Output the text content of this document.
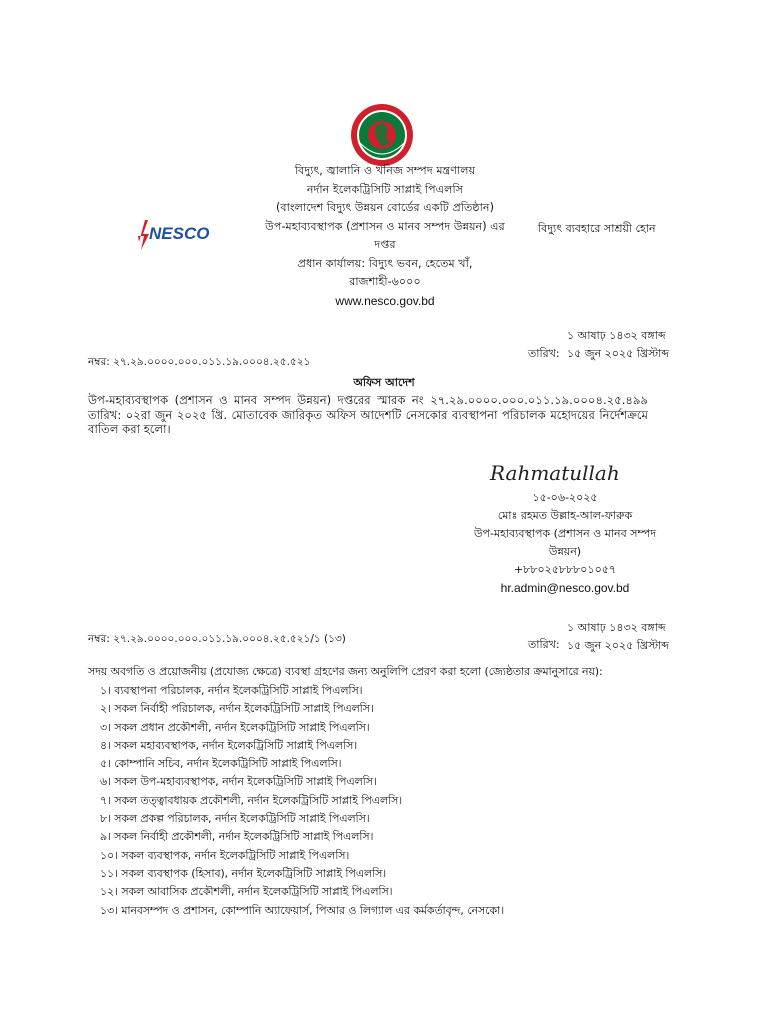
বিদ্যুৎ, জ্বালানি ও খনিজ সম্পদ মন্ত্রণালয়
নর্দান ইলেকট্রিসিটি সাপ্লাই পিএলসি
(বাংলাদেশ বিদ্যুৎ উন্নয়ন বোর্ডের একটি প্রতিষ্ঠান)
উপ-মহাব্যবস্থাপক (প্রশাসন ও মানব সম্পদ উন্নয়ন) এর
দপ্তর
প্রধান কার্যালয়: বিদ্যুৎ ভবন, হেতেম খাঁ,
রাজশাহী-৬০০০
www.nesco.gov.bd
NESCO	বিদ্যুৎ ব্যবহারে সাশ্রয়ী হোন
১ আষাঢ় ১৪৩২ বঙ্গাব্দ
১৫ জুন ২০২৫ খ্রিস্টাব্দ
তারিখ:
নম্বর: ২৭.২৯.০০০০.০০০.০১১.১৯.০০০৪.২৫.৫২১
অফিস আদেশ
উপ-মহাব্যবস্থাপক (প্রশাসন ও মানব সম্পদ উন্নয়ন) দপ্তরের স্মারক নং ২৭.২৯.০০০০.০০০.০১১.১৯.০০০৪.২৫.৪৯৯ তারিখ: ০২রা জুন ২০২৫ খ্রি. মোতাবেক জারিকৃত অফিস আদেশটি নেসকোর ব্যবস্থাপনা পরিচালক মহোদয়ের নির্দেশক্রমে বাতিল করা হলো।
Rahmatullah
১৫-০৬-২০২৫
মোঃ রহমত উল্লাহ-আল-ফারুক
উপ-মহাব্যবস্থাপক (প্রশাসন ও মানব সম্পদ
উন্নয়ন)
+৮৮০২৫৮৮৮০১০৫৭
hr.admin@nesco.gov.bd
নম্বর: ২৭.২৯.০০০০.০০০.০১১.১৯.০০০৪.২৫.৫২১/১ (১৩)	তারিখ:
১ আষাঢ় ১৪৩২ বঙ্গাব্দ
১৫ জুন ২০২৫ খ্রিস্টাব্দ
সদয় অবগতি ও প্রয়োজনীয় (প্রযোজ্য ক্ষেত্রে) ব্যবস্থা গ্রহণের জন্য অনুলিপি প্রেরণ করা হলো (জ্যেষ্ঠতার ক্রমানুসারে নয়):
১। ব্যবস্থাপনা পরিচালক, নর্দান ইলেকট্রিসিটি সাপ্লাই পিএলসি।
২। সকল নির্বাহী পরিচালক, নর্দান ইলেকট্রিসিটি সাপ্লাই পিএলসি।
৩। সকল প্রধান প্রকৌশলী, নর্দান ইলেকট্রিসিটি সাপ্লাই পিএলসি।
৪। সকল মহাব্যবস্থাপক, নর্দান ইলেকট্রিসিটি সাপ্লাই পিএলসি।
৫। কোম্পানি সচিব, নর্দান ইলেকট্রিসিটি সাপ্লাই পিএলসি।
৬। সকল উপ-মহাব্যবস্থাপক, নর্দান ইলেকট্রিসিটি সাপ্লাই পিএলসি।
৭। সকল তত্ত্বাবধায়ক প্রকৌশলী, নর্দান ইলেকট্রিসিটি সাপ্লাই পিএলসি।
৮। সকল প্রকল্প পরিচালক, নর্দান ইলেকট্রিসিটি সাপ্লাই পিএলসি।
৯। সকল নির্বাহী প্রকৌশলী, নর্দান ইলেকট্রিসিটি সাপ্লাই পিএলসি।
১০। সকল ব্যবস্থাপক, নর্দান ইলেকট্রিসিটি সাপ্লাই পিএলসি।
১১। সকল ব্যবস্থাপক (হিসাব), নর্দান ইলেকট্রিসিটি সাপ্লাই পিএলসি।
১২। সকল আবাসিক প্রকৌশলী, নর্দান ইলেকট্রিসিটি সাপ্লাই পিএলসি।
১৩। মানবসম্পদ ও প্রশাসন, কোম্পানি অ্যাফেয়ার্স, পিআর ও লিগ্যাল এর কর্মকর্তাবৃন্দ, নেসকো।
